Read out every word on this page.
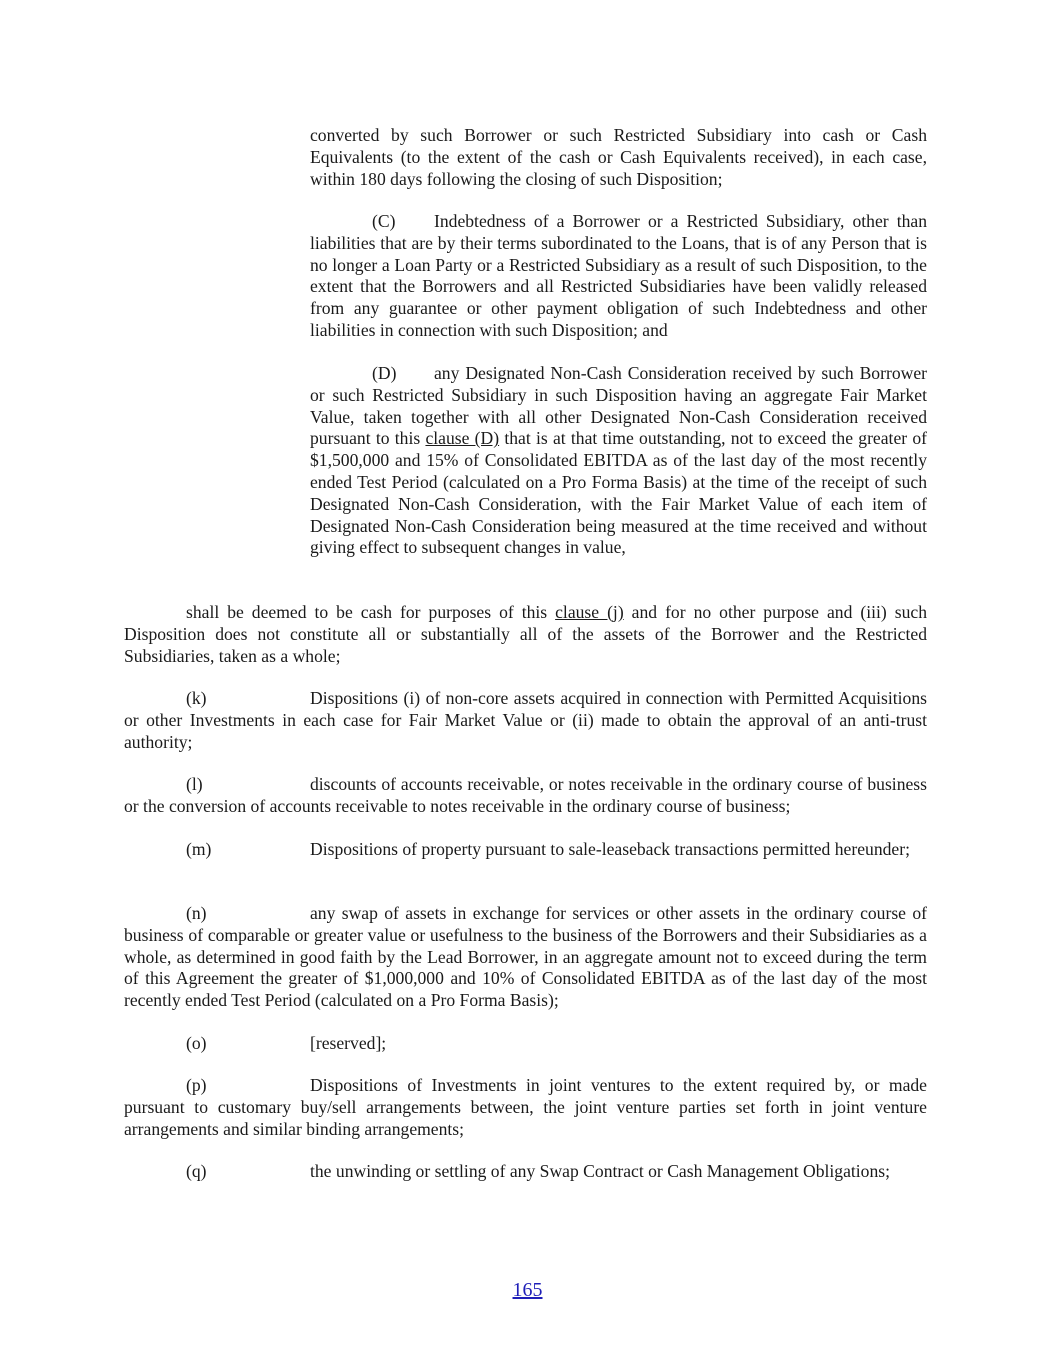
converted by such Borrower or such Restricted Subsidiary into cash or Cash Equivalents (to the extent of the cash or Cash Equivalents received), in each case, within 180 days following the closing of such Disposition;

(C) Indebtedness of a Borrower or a Restricted Subsidiary, other than liabilities that are by their terms subordinated to the Loans, that is of any Person that is no longer a Loan Party or a Restricted Subsidiary as a result of such Disposition, to the extent that the Borrowers and all Restricted Subsidiaries have been validly released from any guarantee or other payment obligation of such Indebtedness and other liabilities in connection with such Disposition; and

(D) any Designated Non-Cash Consideration received by such Borrower or such Restricted Subsidiary in such Disposition having an aggregate Fair Market Value, taken together with all other Designated Non-Cash Consideration received pursuant to this clause (D) that is at that time outstanding, not to exceed the greater of $1,500,000 and 15% of Consolidated EBITDA as of the last day of the most recently ended Test Period (calculated on a Pro Forma Basis) at the time of the receipt of such Designated Non-Cash Consideration, with the Fair Market Value of each item of Designated Non-Cash Consideration being measured at the time received and without giving effect to subsequent changes in value,

shall be deemed to be cash for purposes of this clause (j) and for no other purpose and (iii) such Disposition does not constitute all or substantially all of the assets of the Borrower and the Restricted Subsidiaries, taken as a whole;

(k)	Dispositions (i) of non-core assets acquired in connection with Permitted Acquisitions or other Investments in each case for Fair Market Value or (ii) made to obtain the approval of an anti-trust authority;

(l)	discounts of accounts receivable, or notes receivable in the ordinary course of business or the conversion of accounts receivable to notes receivable in the ordinary course of business;

(m)	Dispositions of property pursuant to sale-leaseback transactions permitted hereunder;

(n)	any swap of assets in exchange for services or other assets in the ordinary course of business of comparable or greater value or usefulness to the business of the Borrowers and their Subsidiaries as a whole, as determined in good faith by the Lead Borrower, in an aggregate amount not to exceed during the term of this Agreement the greater of $1,000,000 and 10% of Consolidated EBITDA as of the last day of the most recently ended Test Period (calculated on a Pro Forma Basis);

(o)	[reserved];

(p)	Dispositions of Investments in joint ventures to the extent required by, or made pursuant to customary buy/sell arrangements between, the joint venture parties set forth in joint venture arrangements and similar binding arrangements;

(q)	the unwinding or settling of any Swap Contract or Cash Management Obligations;

165
